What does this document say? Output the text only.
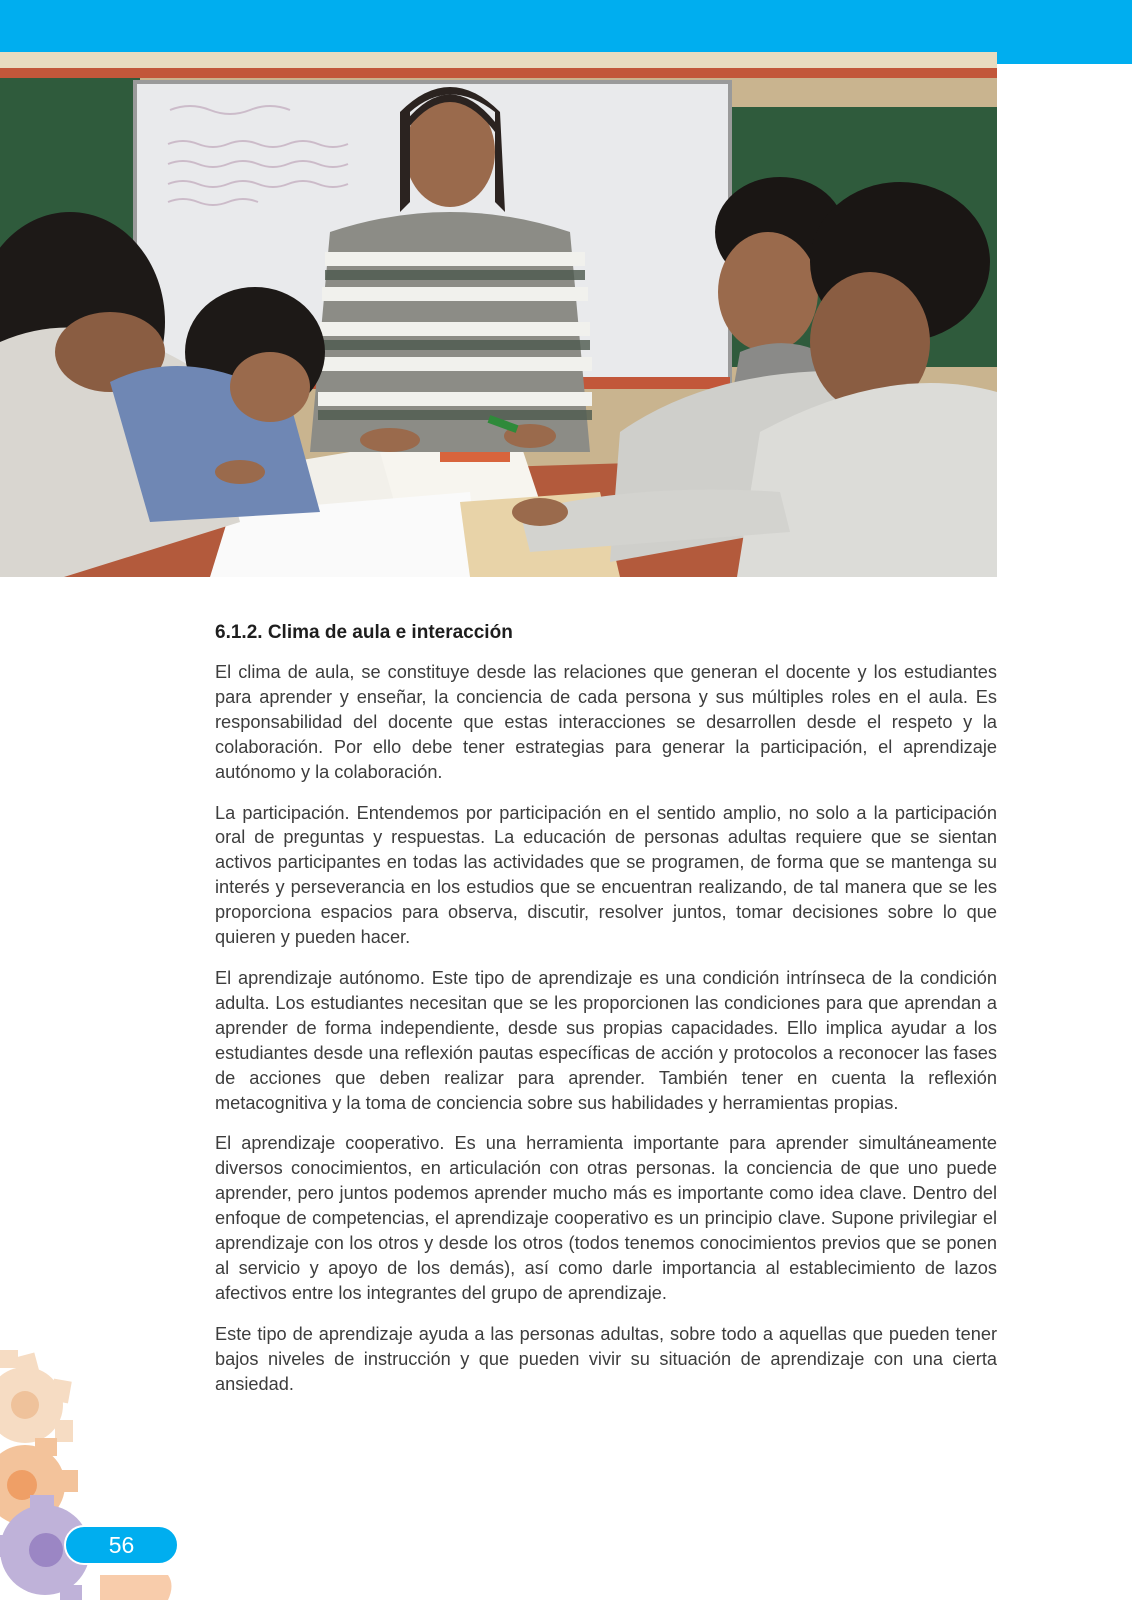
6.1.2. Clima de aula e interacción

El clima de aula, se constituye desde las relaciones que generan el docente y los estudiantes para aprender y enseñar, la conciencia de cada persona y sus múltiples roles en el aula. Es responsabilidad del docente que estas interacciones se desarrollen desde el respeto y la colaboración. Por ello debe tener estrategias para generar la participación, el aprendizaje autónomo y la colaboración.

La participación. Entendemos por participación en el sentido amplio, no solo a la participación oral de preguntas y respuestas. La educación de personas adultas requiere que se sientan activos participantes en todas las actividades que se programen, de forma que se mantenga su interés y perseverancia en los estudios que se encuentran realizando, de tal manera que se les proporciona espacios para observa, discutir, resolver juntos, tomar decisiones sobre lo que quieren y pueden hacer.

El aprendizaje autónomo. Este tipo de aprendizaje es una condición intrínseca de la condición adulta. Los estudiantes necesitan que se les proporcionen las condiciones para que aprendan a aprender de forma independiente, desde sus propias capacidades. Ello implica ayudar a los estudiantes desde una reflexión pautas específicas de acción y protocolos a reconocer las fases de acciones que deben realizar para aprender. También tener en cuenta la reflexión metacognitiva y la toma de conciencia sobre sus habilidades y herramientas propias.

El aprendizaje cooperativo. Es una herramienta importante para aprender simultáneamente diversos conocimientos, en articulación con otras personas. la conciencia de que uno puede aprender, pero juntos podemos aprender mucho más es importante como idea clave. Dentro del enfoque de competencias, el aprendizaje cooperativo es un principio clave. Supone privilegiar el aprendizaje con los otros y desde los otros (todos tenemos conocimientos previos que se ponen al servicio y apoyo de los demás), así como darle importancia al establecimiento de lazos afectivos entre los integrantes del grupo de aprendizaje.

Este tipo de aprendizaje ayuda a las personas adultas, sobre todo a aquellas que pueden tener bajos niveles de instrucción y que pueden vivir su situación de aprendizaje con una cierta ansiedad.

56
